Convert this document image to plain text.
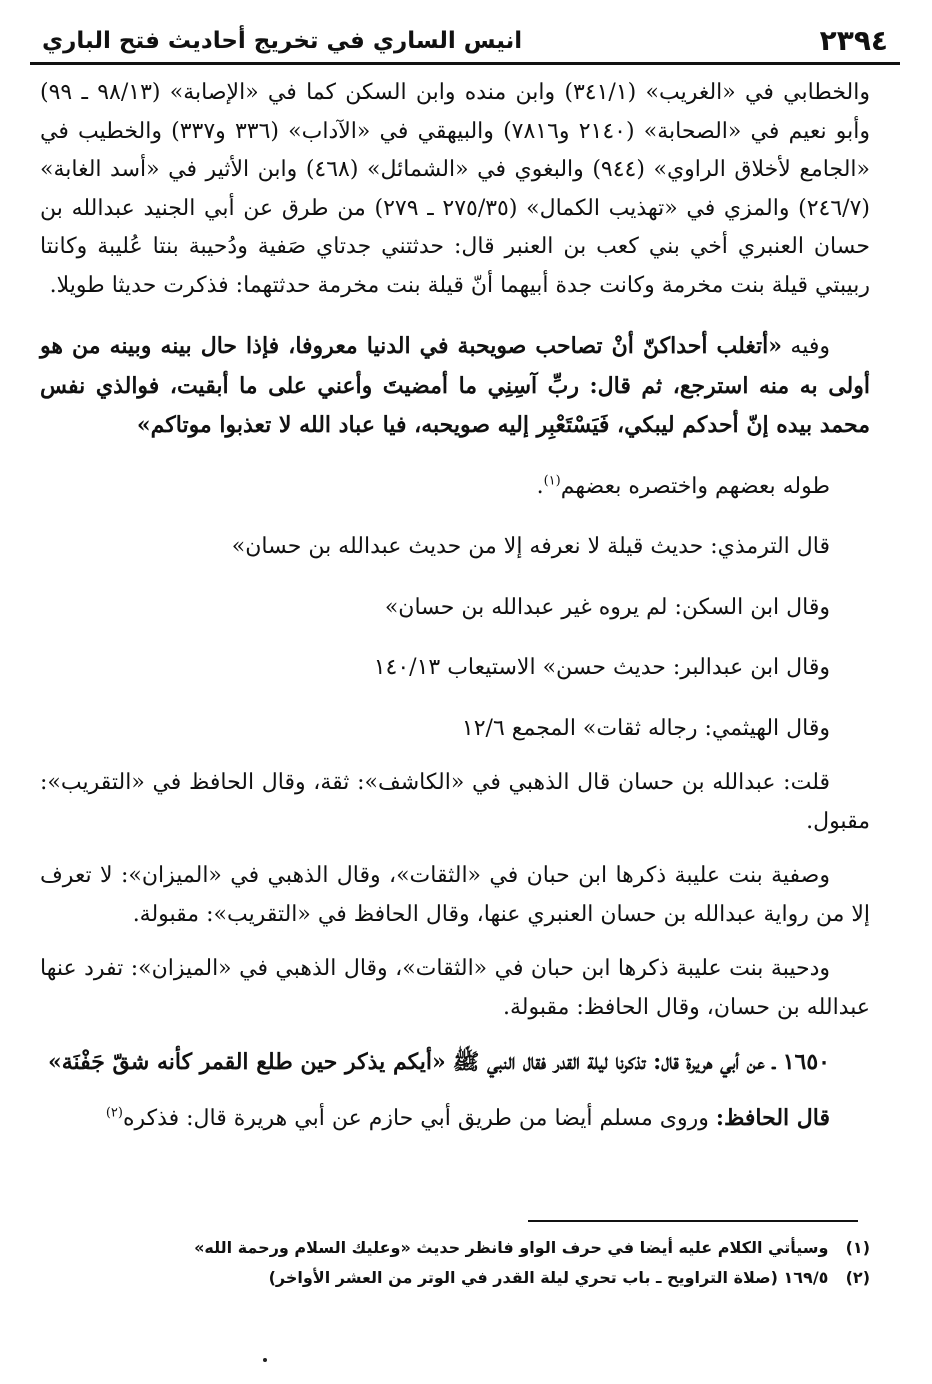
٢٣٩٤
انيس الساري في تخريج أحاديث فتح الباري

والخطابي في «الغريب» (٣٤١/١) وابن منده وابن السكن كما في «الإصابة» (٩٨/١٣ ـ ٩٩) وأبو نعيم في «الصحابة» (٢١٤٠ و٧٨١٦) والبيهقي في «الآداب» (٣٣٦ و٣٣٧) والخطيب في «الجامع لأخلاق الراوي» (٩٤٤) والبغوي في «الشمائل» (٤٦٨) وابن الأثير في «أسد الغابة» (٢٤٦/٧) والمزي في «تهذيب الكمال» (٢٧٥/٣٥ ـ ٢٧٩) من طرق عن أبي الجنيد عبدالله بن حسان العنبري أخي بني كعب بن العنبر قال: حدثتني جدتاي صَفية ودُحيبة بنتا عُليبة وكانتا ربيبتي قيلة بنت مخرمة وكانت جدة أبيهما أنّ قيلة بنت مخرمة حدثتهما: فذكرت حديثا طويلا.

وفيه «أتغلب أحداكنّ أنْ تصاحب صويحبة في الدنيا معروفا، فإذا حال بينه وبينه من هو أولى به منه استرجع، ثم قال: ربِّ آسِنِي ما أمضيتَ وأعني على ما أبقيت، فوالذي نفس محمد بيده إنّ أحدكم ليبكي، فَيَسْتَعْبِر إليه صويحبه، فيا عباد الله لا تعذبوا موتاكم»

طوله بعضهم واختصره بعضهم$^{(١)}$.

قال الترمذي: حديث قيلة لا نعرفه إلا من حديث عبدالله بن حسان»

وقال ابن السكن: لم يروه غير عبدالله بن حسان»

وقال ابن عبدالبر: حديث حسن» الاستيعاب ١٤٠/١٣

وقال الهيثمي: رجاله ثقات» المجمع ١٢/٦

قلت: عبدالله بن حسان قال الذهبي في «الكاشف»: ثقة، وقال الحافظ في «التقريب»: مقبول.

وصفية بنت عليبة ذكرها ابن حبان في «الثقات»، وقال الذهبي في «الميزان»: لا تعرف إلا من رواية عبدالله بن حسان العنبري عنها، وقال الحافظ في «التقريب»: مقبولة.

ودحيبة بنت عليبة ذكرها ابن حبان في «الثقات»، وقال الذهبي في «الميزان»: تفرد عنها عبدالله بن حسان، وقال الحافظ: مقبولة.

١٦٥٠ ـ عن أبي هريرة قال: تذكرنا ليلة القدر فقال النبي ﷺ «أيكم يذكر حين طلع القمر كأنه شقّ جَفْنَة»

قال الحافظ: وروى مسلم أيضا من طريق أبي حازم عن أبي هريرة قال: فذكره$^{(٢)}$

(١) وسيأتي الكلام عليه أيضا في حرف الواو فانظر حديث «وعليك السلام ورحمة الله»

(٢) ١٦٩/٥ (صلاة التراويح ـ باب تحري ليلة القدر في الوتر من العشر الأواخر)
